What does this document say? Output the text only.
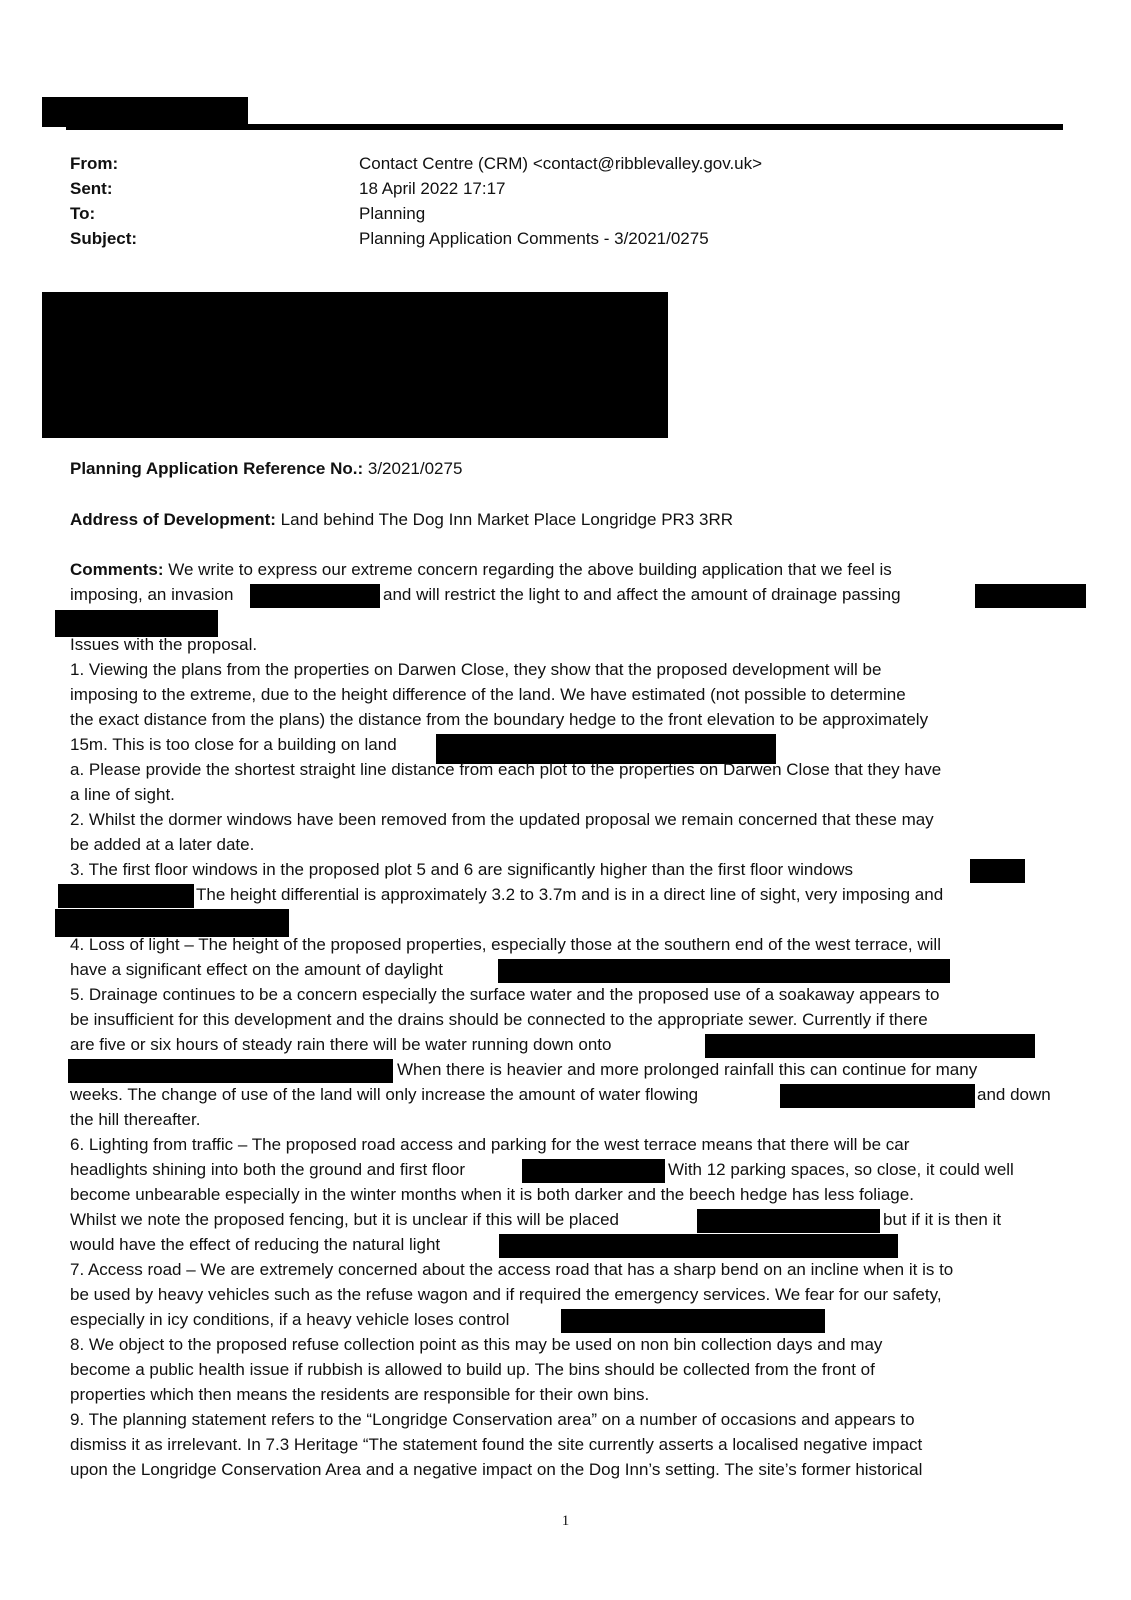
From:	Contact Centre (CRM) <contact@ribblevalley.gov.uk>
Sent:	18 April 2022 17:17
To:	Planning
Subject:	Planning Application Comments - 3/2021/0275
Planning Application Reference No.: 3/2021/0275
Address of Development: Land behind The Dog Inn Market Place Longridge PR3 3RR
Comments: We write to express our extreme concern regarding the above building application that we feel is
imposing, an invasion	and will restrict the light to and affect the amount of drainage passing
Issues with the proposal.
1. Viewing the plans from the properties on Darwen Close, they show that the proposed development will be
imposing to the extreme, due to the height difference of the land. We have estimated (not possible to determine
the exact distance from the plans) the distance from the boundary hedge to the front elevation to be approximately
15m. This is too close for a building on land
a. Please provide the shortest straight line distance from each plot to the properties on Darwen Close that they have
a line of sight.
2. Whilst the dormer windows have been removed from the updated proposal we remain concerned that these may
be added at a later date.
3. The first floor windows in the proposed plot 5 and 6 are significantly higher than the first floor windows
The height differential is approximately 3.2 to 3.7m and is in a direct line of sight, very imposing and
4. Loss of light – The height of the proposed properties, especially those at the southern end of the west terrace, will
have a significant effect on the amount of daylight
5. Drainage continues to be a concern especially the surface water and the proposed use of a soakaway appears to
be insufficient for this development and the drains should be connected to the appropriate sewer. Currently if there
are five or six hours of steady rain there will be water running down onto
When there is heavier and more prolonged rainfall this can continue for many
weeks. The change of use of the land will only increase the amount of water flowing	and down
the hill thereafter.
6. Lighting from traffic – The proposed road access and parking for the west terrace means that there will be car
headlights shining into both the ground and first floor	With 12 parking spaces, so close, it could well
become unbearable especially in the winter months when it is both darker and the beech hedge has less foliage.
Whilst we note the proposed fencing, but it is unclear if this will be placed	but if it is then it
would have the effect of reducing the natural light
7. Access road – We are extremely concerned about the access road that has a sharp bend on an incline when it is to
be used by heavy vehicles such as the refuse wagon and if required the emergency services. We fear for our safety,
especially in icy conditions, if a heavy vehicle loses control
8. We object to the proposed refuse collection point as this may be used on non bin collection days and may
become a public health issue if rubbish is allowed to build up. The bins should be collected from the front of
properties which then means the residents are responsible for their own bins.
9. The planning statement refers to the “Longridge Conservation area” on a number of occasions and appears to
dismiss it as irrelevant. In 7.3 Heritage “The statement found the site currently asserts a localised negative impact
upon the Longridge Conservation Area and a negative impact on the Dog Inn’s setting. The site’s former historical
1
